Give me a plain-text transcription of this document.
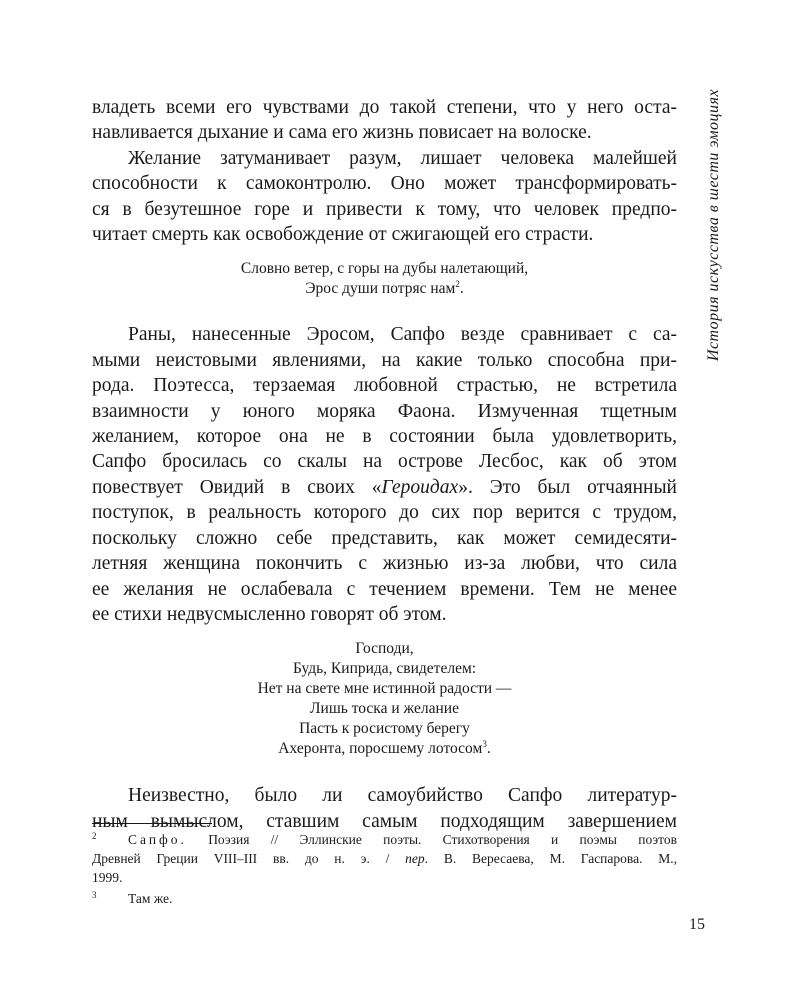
История искусства в шести эмоциях
владеть всеми его чувствами до такой степени, что у него оста-
навливается дыхание и сама его жизнь повисает на волоске.
Желание затуманивает разум, лишает человека малейшей
способности к самоконтролю. Оно может трансформировать-
ся в безутешное горе и привести к тому, что человек предпо-
читает смерть как освобождение от сжигающей его страсти.
Словно ветер, с горы на дубы налетающий,
Эрос души потряс нам$^2$.
Раны, нанесенные Эросом, Сапфо везде сравнивает с са-
мыми неистовыми явлениями, на какие только способна при-
рода. Поэтесса, терзаемая любовной страстью, не встретила
взаимности у юного моряка Фаона. Измученная тщетным
желанием, которое она не в состоянии была удовлетворить,
Сапфо бросилась со скалы на острове Лесбос, как об этом
повествует Овидий в своих «Героидах». Это был отчаянный
поступок, в реальность которого до сих пор верится с трудом,
поскольку сложно себе представить, как может семидесяти-
летняя женщина покончить с жизнью из-за любви, что сила
ее желания не ослабевала с течением времени. Тем не менее
ее стихи недвусмысленно говорят об этом.
Господи,
Будь, Киприда, свидетелем:
Нет на свете мне истинной радости —
Лишь тоска и желание
Пасть к росистому берегу
Ахеронта, поросшему лотосом$^3$.
Неизвестно, было ли самоубийство Сапфо литератур-
ным вымыслом, ставшим самым подходящим завершением
2 Сапфо. Поэзия // Эллинские поэты. Стихотворения и поэмы поэтов
Древней Греции VIII–III вв. до н. э. / пер. В. Вересаева, М. Гаспарова. М.,
1999.
3 Там же.
15
